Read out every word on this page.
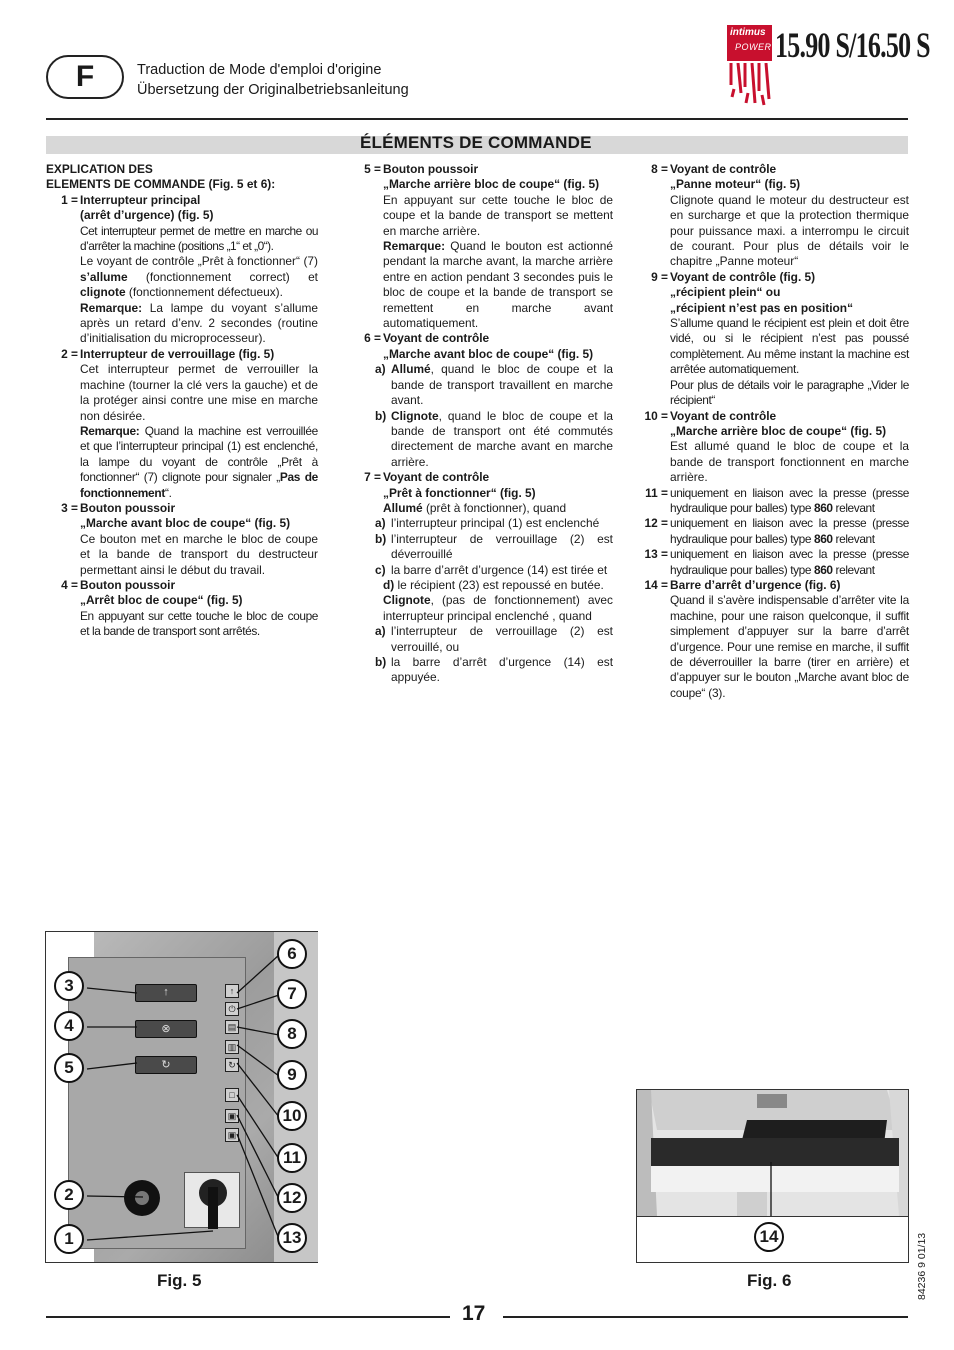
F	Traduction de Mode d'emploi d'origine
Übersetzung der Originalbetriebsanleitung
intimus
POWER 15.90 S/16.50 S
ÉLÉMENTS DE COMMANDE
EXPLICATION DES
ELEMENTS DE COMMANDE (Fig. 5 et 6):
1 = Interrupteur principal
(arrêt d’urgence) (fig. 5)
Cet interrupteur permet de mettre en marche ou d’arrêter la machine (positions „1“ et „0“).
Le voyant de contrôle „Prêt à fonctionner“ (7) s’allume (fonctionnement correct) et clignote (fonctionnement défectueux).
Remarque: La lampe du voyant s’allume après un retard d’env. 2 secondes (routine d’initialisation du microprocesseur).
2 = Interrupteur de verrouillage (fig. 5)
Cet interrupteur permet de verrouiller la machine (tourner la clé vers la gauche) et de la protéger ainsi contre une mise en marche non désirée.
Remarque: Quand la machine est verrouillée et que l’interrupteur principal (1) est enclenché, la lampe du voyant de contrôle „Prêt à fonctionner“ (7) clignote pour signaler „Pas de fonctionnement“.
3 = Bouton poussoir
„Marche avant bloc de coupe“ (fig. 5)
Ce bouton met en marche le bloc de coupe et la bande de transport du destructeur permettant ainsi le début du travail.
4 = Bouton poussoir
„Arrêt bloc de coupe“ (fig. 5)
En appuyant sur cette touche le bloc de coupe et la bande de transport sont arrêtés.
5 = Bouton poussoir
„Marche arrière bloc de coupe“ (fig. 5)
En appuyant sur cette touche le bloc de coupe et la bande de transport se mettent en marche arrière.
Remarque: Quand le bouton est actionné pendant la marche avant, la marche arrière entre en action pendant 3 secondes puis le bloc de coupe et la bande de transport se remettent en marche avant automatiquement.
6 = Voyant de contrôle
„Marche avant bloc de coupe“ (fig. 5)
a) Allumé, quand le bloc de coupe et la bande de transport travaillent en marche avant.
b) Clignote, quand le bloc de coupe et la bande de transport ont été commutés directement de marche avant en marche arrière.
7 = Voyant de contrôle
„Prêt à fonctionner“ (fig. 5)
Allumé (prêt à fonctionner), quand
a) l’interrupteur principal (1) est enclenché
b) l’interrupteur de verrouillage (2) est déverrouillé
c) la barre d’arrêt d’urgence (14) est tirée et
d) le récipient (23) est repoussé en butée.
Clignote, (pas de fonctionnement) avec interrupteur principal enclenché , quand
a) l’interrupteur de verrouillage (2) est verrouillé, ou
b) la barre d’arrêt d’urgence (14) est appuyée.
8 = Voyant de contrôle
„Panne moteur“ (fig. 5)
Clignote quand le moteur du destructeur est en surcharge et que la protection thermique pour puissance maxi. a interrompu le circuit de courant. Pour plus de détails voir le chapitre „Panne moteur“
9 = Voyant de contrôle (fig. 5)
„récipient plein“ ou
„récipient n’est pas en position“
S’allume quand le récipient est plein et doit être vidé, ou si le récipient n’est pas poussé complètement. Au même instant la machine est arrêtée automatiquement.
Pour plus de détails voir le paragraphe „Vider le récipient“
10 = Voyant de contrôle
„Marche arrière bloc de coupe“ (fig. 5)
Est allumé quand le bloc de coupe et la bande de transport fonctionnent en marche arrière.
11 = uniquement en liaison avec la presse (presse hydraulique pour balles) type 860 relevant
12 = uniquement en liaison avec la presse (presse hydraulique pour balles) type 860 relevant
13 = uniquement en liaison avec la presse (presse hydraulique pour balles) type 860 relevant
14 = Barre d’arrêt d’urgence (fig. 6)
Quand il s’avère indispensable d’arrêter vite la machine, pour une raison quelconque, il suffit simplement d’appuyer sur la barre d’arrêt d’urgence. Pour une remise en marche, il suffit de déverrouiller la barre (tirer en arrière) et d’appuyer sur le bouton „Marche avant bloc de coupe“ (3).
↑
⊗
↻
↑
⏻
▤
▥
↻
□
▣
▣
3
4
5
2
1
6
7
8
9
10
11
12
13
Fig. 5
14
Fig. 6	84236 9 01/13
17
